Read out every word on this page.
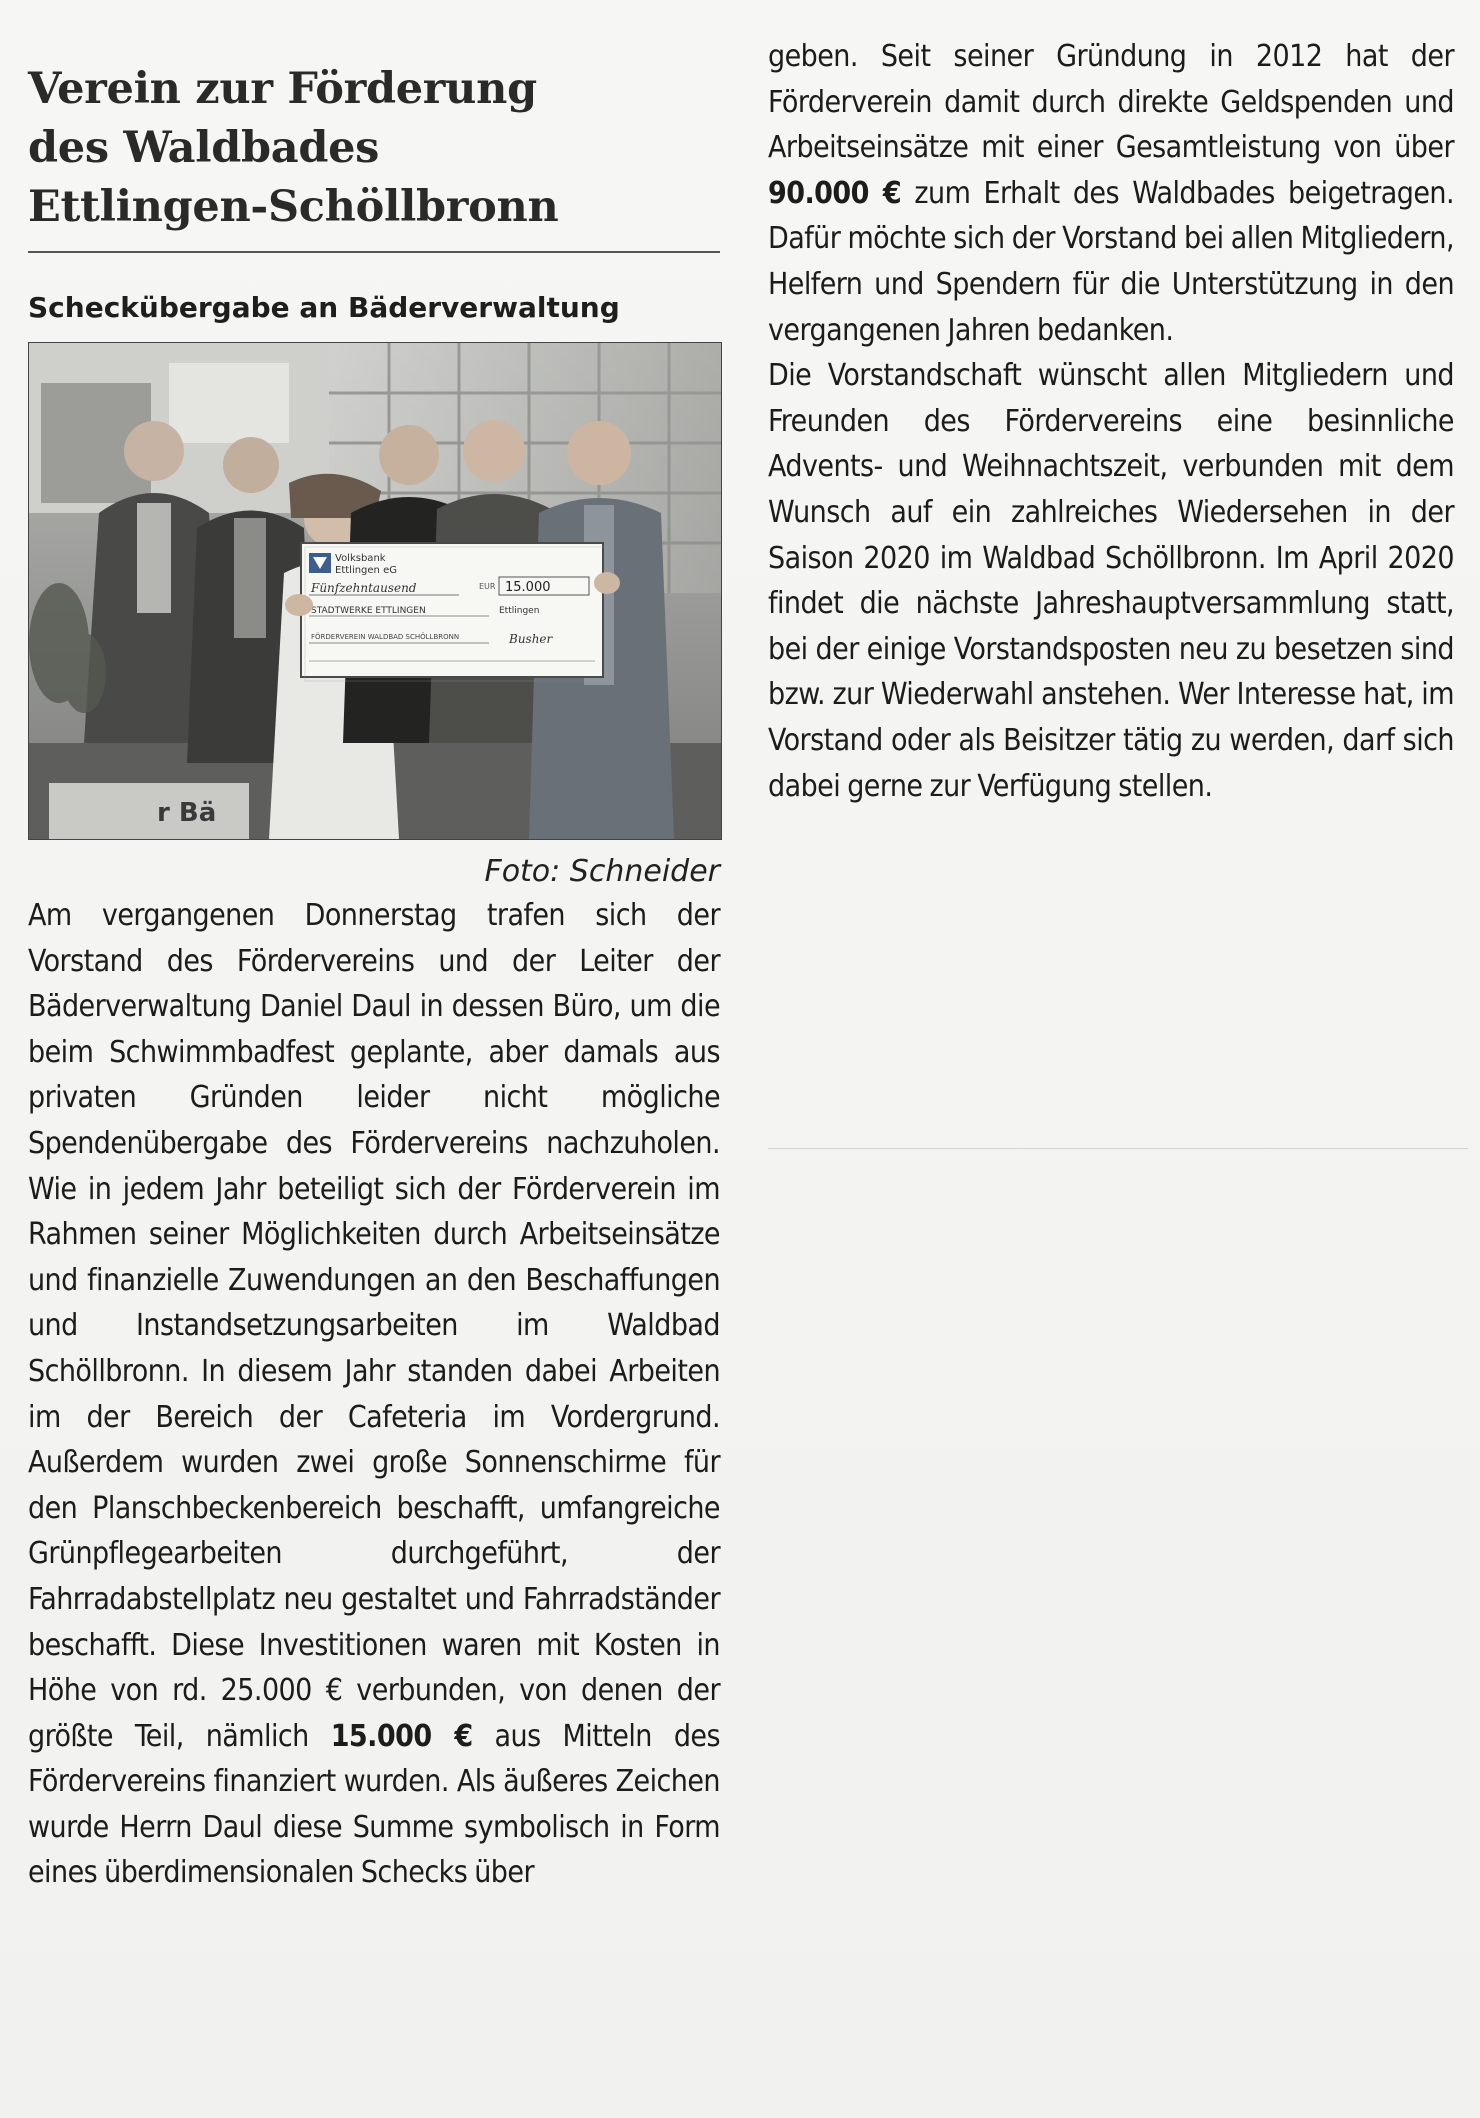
Verein zur Förderung
des Waldbades
Ettlingen-Schöllbronn
Scheckübergabe an Bäderverwaltung
r Bä
Volksbank
Ettlingen eG
Fünfzehntausend	EUR 15.000
STADTWERKE ETTLINGEN	Ettlingen
FÖRDERVEREIN WALDBAD SCHÖLLBRONN	Busher
Foto: Schneider

Am vergangenen Donnerstag trafen sich der Vorstand des Fördervereins und der Leiter der Bäderverwaltung Daniel Daul in dessen Büro, um die beim Schwimmbadfest geplante, aber damals aus privaten Gründen leider nicht mögliche Spendenübergabe des Fördervereins nachzuholen. Wie in jedem Jahr beteiligt sich der Förderverein im Rahmen seiner Möglichkeiten durch Arbeitseinsätze und finanzielle Zuwendungen an den Beschaffungen und Instandsetzungsarbeiten im Waldbad Schöllbronn. In diesem Jahr standen dabei Arbeiten im der Bereich der Cafeteria im Vordergrund. Außerdem wurden zwei große Sonnenschirme für den Planschbeckenbereich beschafft, umfangreiche Grünpflegearbeiten durchgeführt, der Fahrradabstellplatz neu gestaltet und Fahrradständer beschafft. Diese Investitionen waren mit Kosten in Höhe von rd. 25.000 € verbunden, von denen der größte Teil, nämlich 15.000 € aus Mitteln des Fördervereins finanziert wurden. Als äußeres Zeichen wurde Herrn Daul diese Summe symbolisch in Form eines überdimensionalen Schecks über

geben. Seit seiner Gründung in 2012 hat der Förderverein damit durch direkte Geldspenden und Arbeitseinsätze mit einer Gesamtleistung von über 90.000 € zum Erhalt des Waldbades beigetragen. Dafür möchte sich der Vorstand bei allen Mitgliedern, Helfern und Spendern für die Unterstützung in den vergangenen Jahren bedanken.

Die Vorstandschaft wünscht allen Mitgliedern und Freunden des Fördervereins eine besinnliche Advents- und Weihnachtszeit, verbunden mit dem Wunsch auf ein zahlreiches Wiedersehen in der Saison 2020 im Waldbad Schöllbronn. Im April 2020 findet die nächste Jahreshauptversammlung statt, bei der einige Vorstandsposten neu zu besetzen sind bzw. zur Wiederwahl anstehen. Wer Interesse hat, im Vorstand oder als Beisitzer tätig zu werden, darf sich dabei gerne zur Verfügung stellen.
